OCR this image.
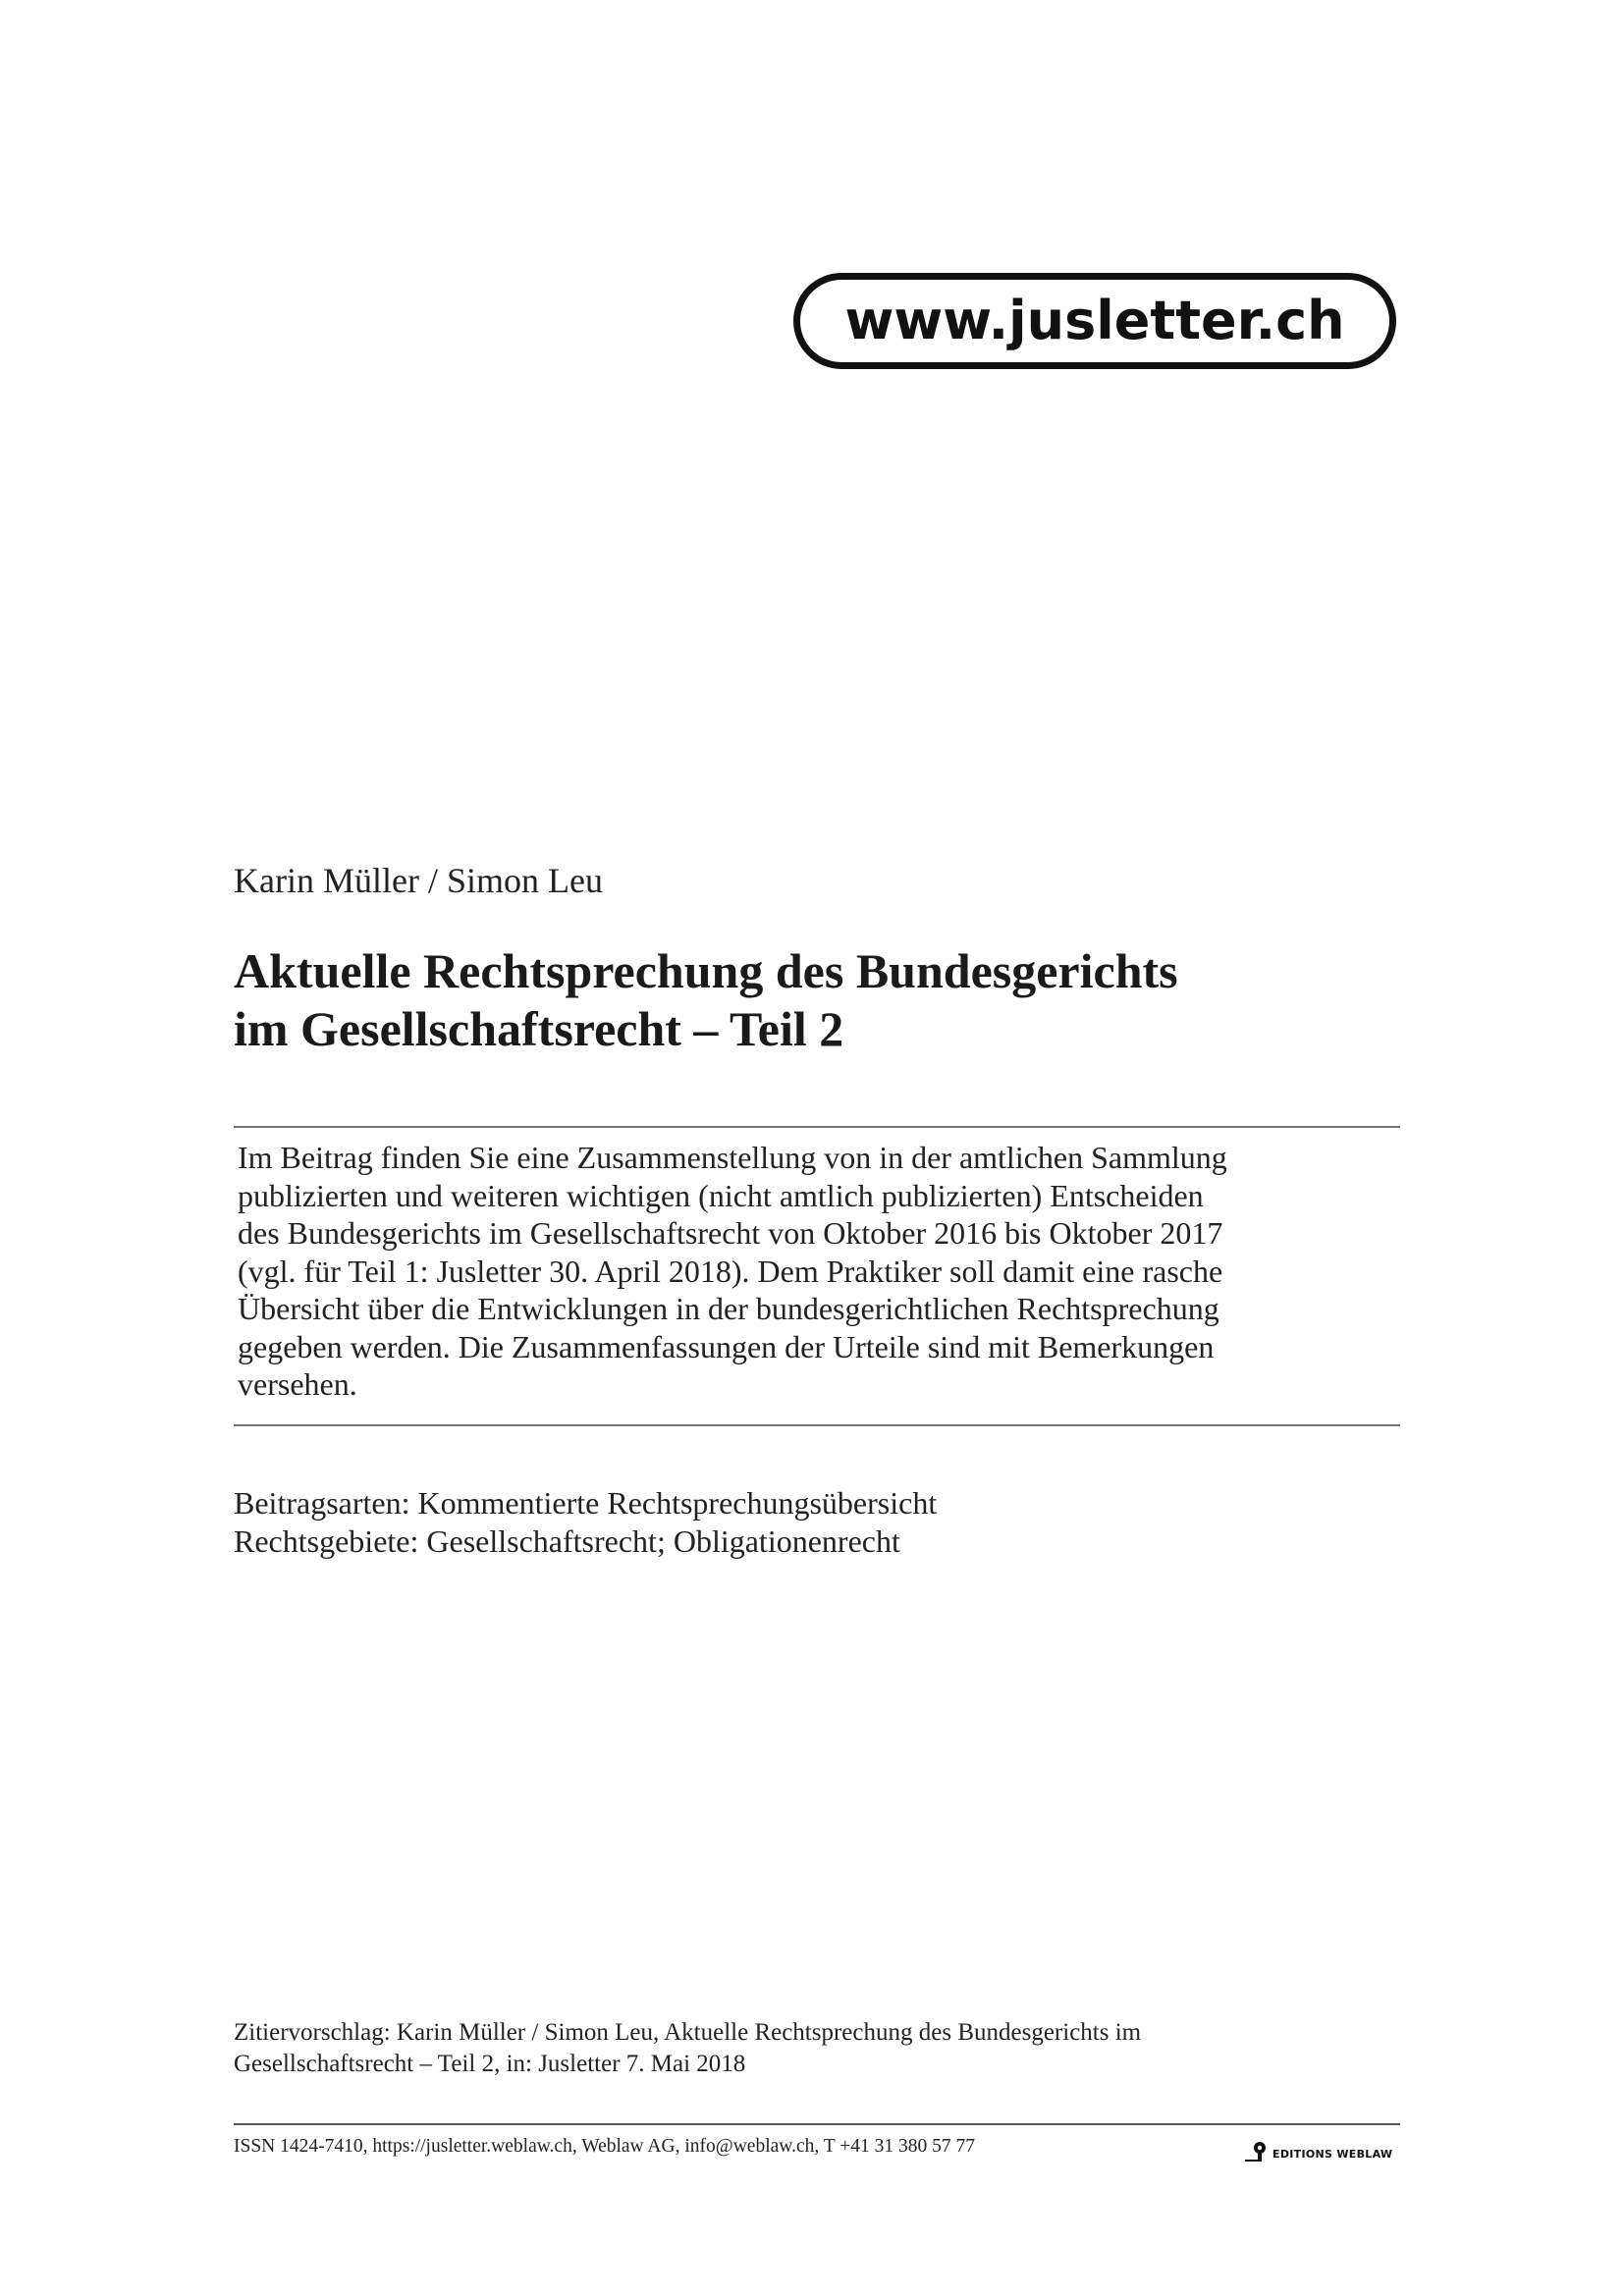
www.jusletter.ch
Karin Müller / Simon Leu
Aktuelle Rechtsprechung des Bundesgerichts
im Gesellschaftsrecht – Teil 2
Im Beitrag finden Sie eine Zusammenstellung von in der amtlichen Sammlung
publizierten und weiteren wichtigen (nicht amtlich publizierten) Entscheiden
des Bundesgerichts im Gesellschaftsrecht von Oktober 2016 bis Oktober 2017
(vgl. für Teil 1: Jusletter 30. April 2018). Dem Praktiker soll damit eine rasche
Übersicht über die Entwicklungen in der bundesgerichtlichen Rechtsprechung
gegeben werden. Die Zusammenfassungen der Urteile sind mit Bemerkungen
versehen.
Beitragsarten: Kommentierte Rechtsprechungsübersicht
Rechtsgebiete: Gesellschaftsrecht; Obligationenrecht
Zitiervorschlag: Karin Müller / Simon Leu, Aktuelle Rechtsprechung des Bundesgerichts im
Gesellschaftsrecht – Teil 2, in: Jusletter 7. Mai 2018
ISSN 1424-7410, https://jusletter.weblaw.ch, Weblaw AG, info@weblaw.ch, T +41 31 380 57 77	EDITIONS WEBLAW
